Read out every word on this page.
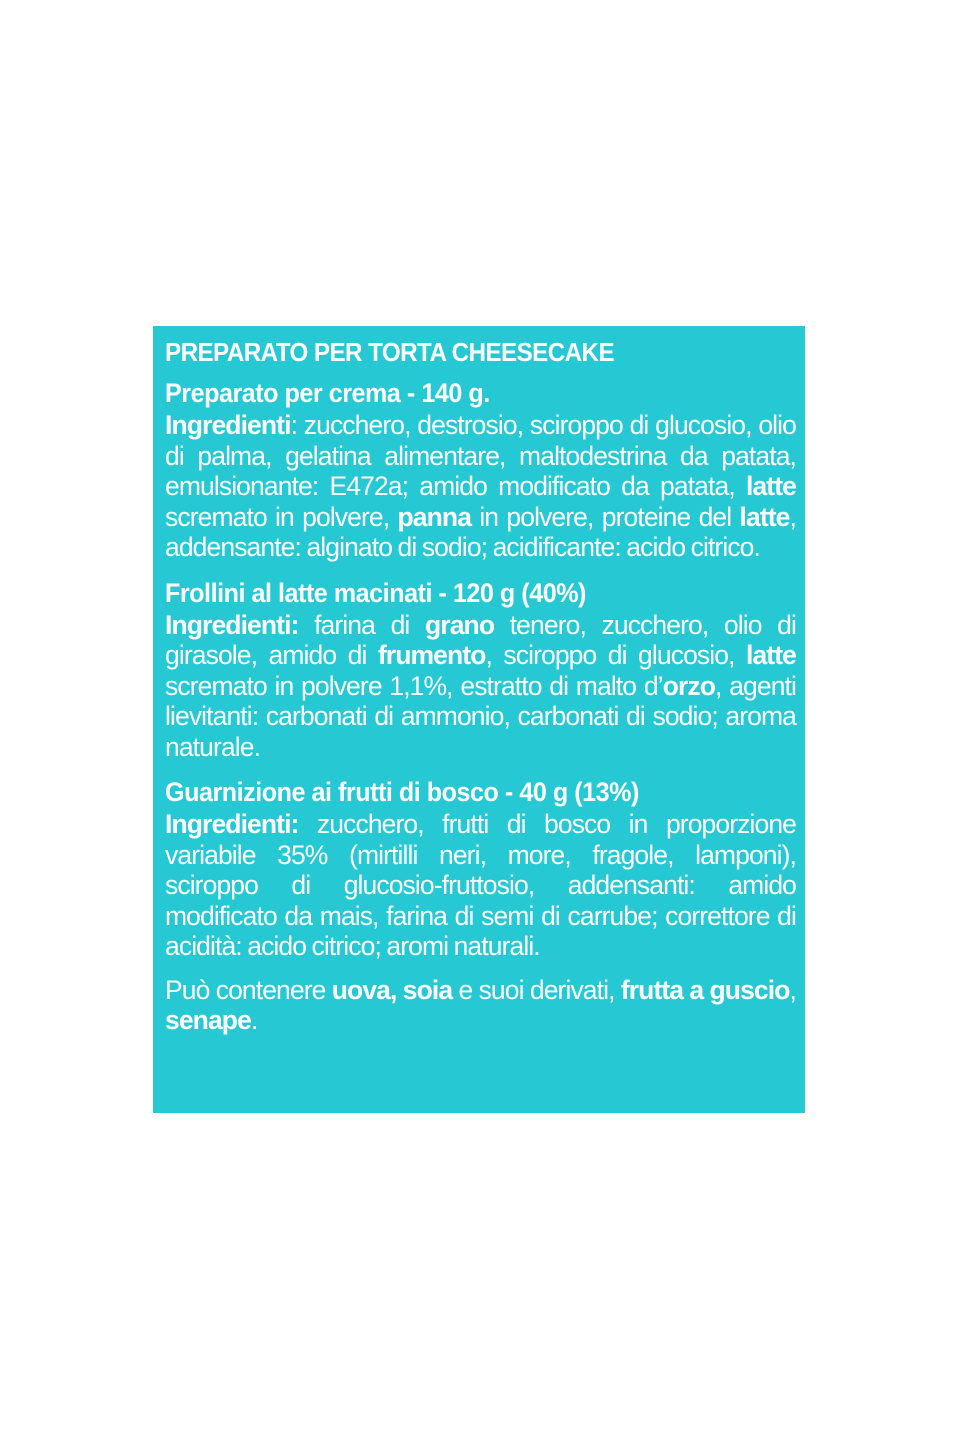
PREPARATO PER TORTA CHEESECAKE
Preparato per crema - 140 g.
Ingredienti: zucchero, destrosio, sciroppo di glucosio, olio di palma, gelatina alimentare, maltodestrina da patata, emulsionante: E472a; amido modificato da patata, latte scremato in polvere, panna in polvere, proteine del latte, addensante: alginato di sodio; acidificante: acido citrico.
Frollini al latte macinati - 120 g (40%)
Ingredienti: farina di grano tenero, zucchero, olio di girasole, amido di frumento, sciroppo di glucosio, latte scremato in polvere 1,1%, estratto di malto d’orzo, agenti lievitanti: carbonati di ammonio, carbonati di sodio; aroma naturale.
Guarnizione ai frutti di bosco - 40 g (13%)
Ingredienti: zucchero, frutti di bosco in proporzione variabile 35% (mirtilli neri, more, fragole, lamponi), sciroppo di glucosio-fruttosio, addensanti: amido modificato da mais, farina di semi di carrube; correttore di acidità: acido citrico; aromi naturali.
Può contenere uova, soia e suoi derivati, frutta a guscio, senape.
